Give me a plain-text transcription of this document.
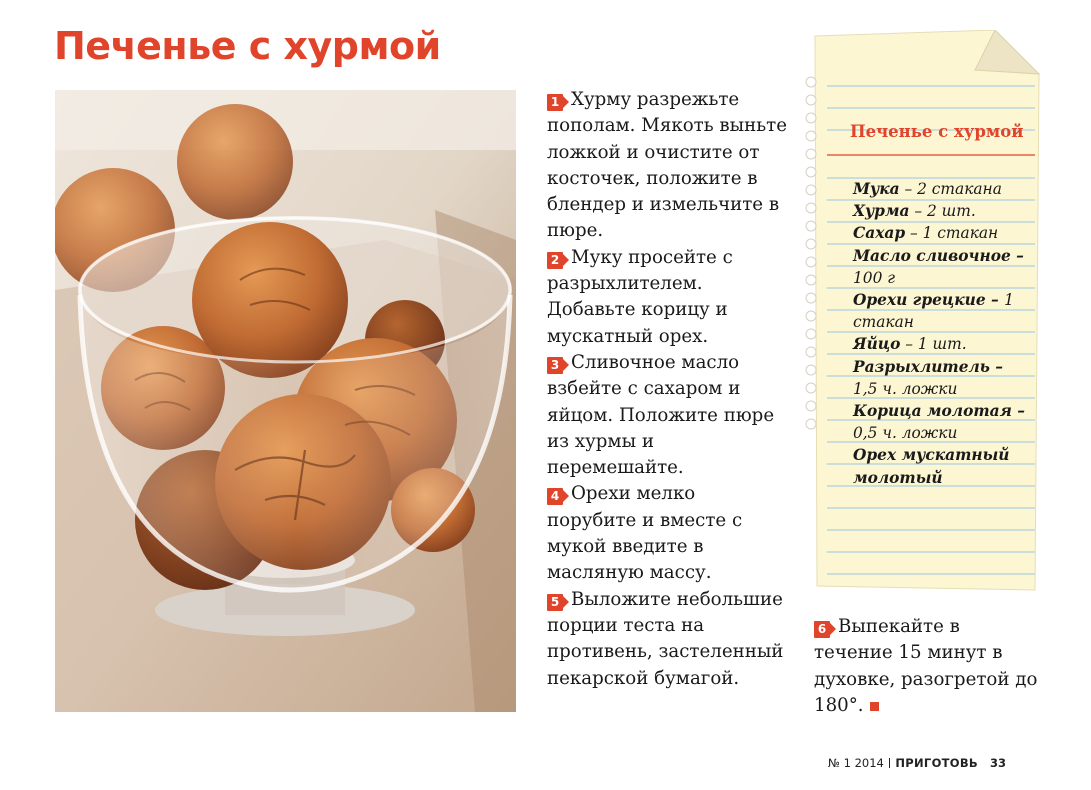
Печенье с хурмой

1 Хурму разрежьте пополам. Мякоть выньте ложкой и очистите от косточек, положите в блендер и измельчите в пюре.

2 Муку просейте с разрыхлителем. Добавьте корицу и мускатный орех.

3 Сливочное масло взбейте с сахаром и яйцом. Положите пюре из хурмы и перемешайте.

4 Орехи мелко порубите и вместе с мукой введите в масляную массу.

5 Выложите небольшие порции теста на противень, застеленный пекарской бумагой.

Печенье с хурмой
Мука – 2 стакана
Хурма – 2 шт.
Сахар – 1 стакан
Масло сливочное – 100 г
Орехи грецкие – 1 стакан
Яйцо – 1 шт.
Разрыхлитель – 1,5 ч. ложки
Корица молотая – 0,5 ч. ложки
Орех мускатный молотый

6 Выпекайте в течение 15 минут в духовке, разогретой до 180°.

№ 1 2014 ПРИГОТОВЬ 33
